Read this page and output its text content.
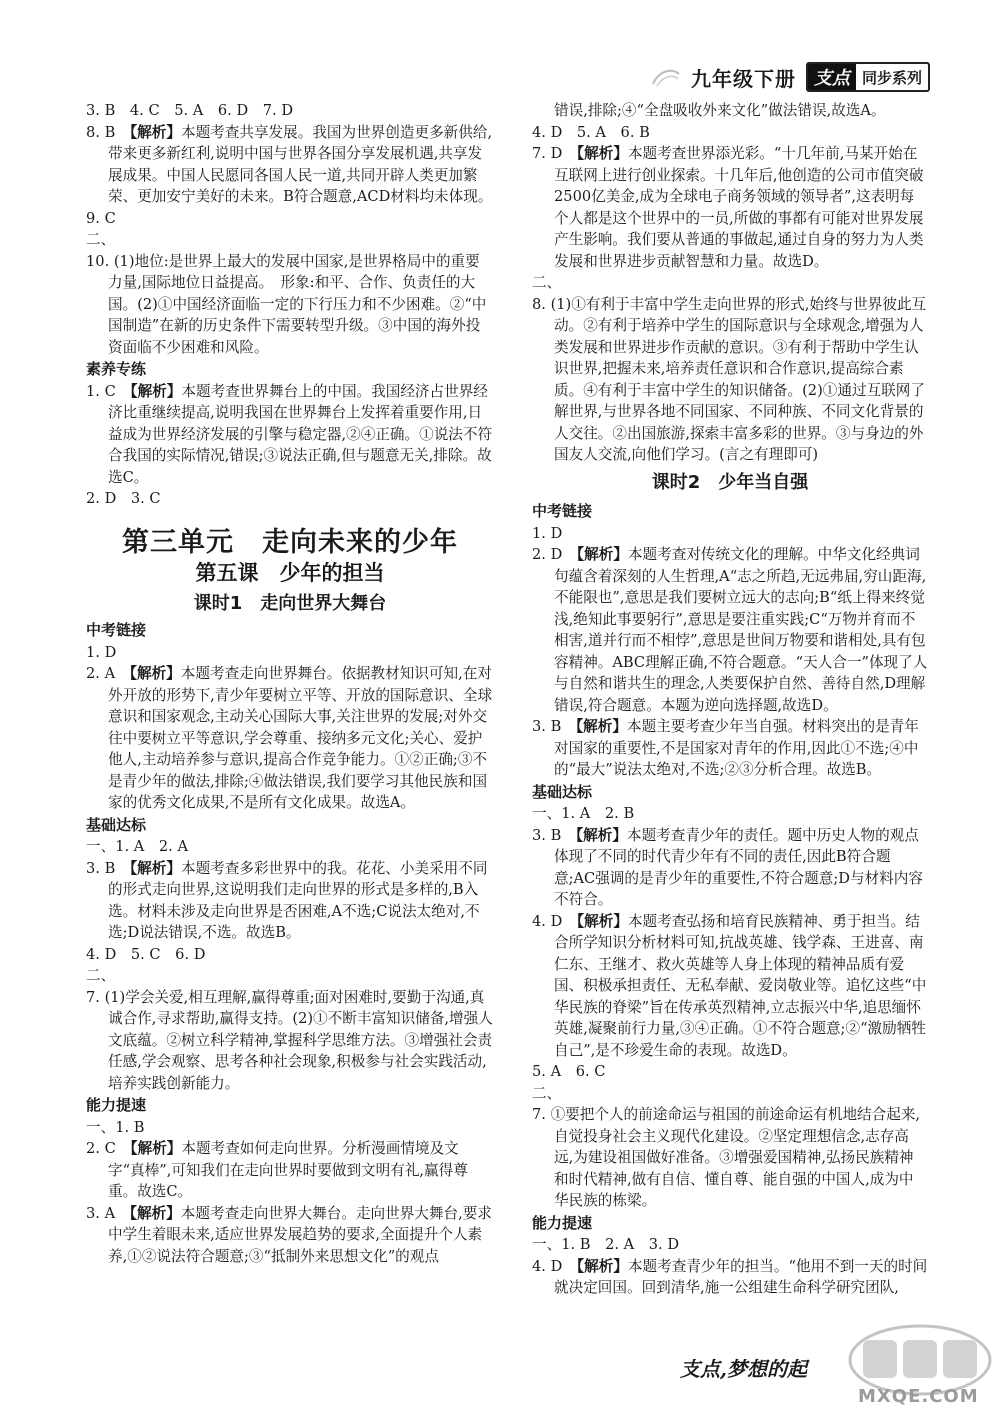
九年级下册	支点 同步系列

3. B　4. C　5. A　6. D　7. D

8. B　【解析】本题考查共享发展。我国为世界创造更多新供给,带来更多新红利,说明中国与世界各国分享发展机遇,共享发展成果。中国人民愿同各国人民一道,共同开辟人类更加繁荣、更加安宁美好的未来。B符合题意,ACD材料均未体现。

9. C

二、

10. (1)地位:是世界上最大的发展中国家,是世界格局中的重要力量,国际地位日益提高。　形象:和平、合作、负责任的大国。(2)①中国经济面临一定的下行压力和不少困难。②“中国制造”在新的历史条件下需要转型升级。③中国的海外投资面临不少困难和风险。

素养专练

1. C　【解析】本题考查世界舞台上的中国。我国经济占世界经济比重继续提高,说明我国在世界舞台上发挥着重要作用,日益成为世界经济发展的引擎与稳定器,②④正确。①说法不符合我国的实际情况,错误;③说法正确,但与题意无关,排除。故选C。

2. D　3. C

第三单元　走向未来的少年
第五课　少年的担当
课时1　走向世界大舞台

中考链接

1. D

2. A　【解析】本题考查走向世界舞台。依据教材知识可知,在对外开放的形势下,青少年要树立平等、开放的国际意识、全球意识和国家观念,主动关心国际大事,关注世界的发展;对外交往中要树立平等意识,学会尊重、接纳多元文化;关心、爱护他人,主动培养参与意识,提高合作竞争能力。①②正确;③不是青少年的做法,排除;④做法错误,我们要学习其他民族和国家的优秀文化成果,不是所有文化成果。故选A。

基础达标

一、1. A　2. A

3. B　【解析】本题考查多彩世界中的我。花花、小美采用不同的形式走向世界,这说明我们走向世界的形式是多样的,B入选。材料未涉及走向世界是否困难,A不选;C说法太绝对,不选;D说法错误,不选。故选B。

4. D　5. C　6. D

二、

7. (1)学会关爱,相互理解,赢得尊重;面对困难时,要勤于沟通,真诚合作,寻求帮助,赢得支持。(2)①不断丰富知识储备,增强人文底蕴。②树立科学精神,掌握科学思维方法。③增强社会责任感,学会观察、思考各种社会现象,积极参与社会实践活动,培养实践创新能力。

能力提速

一、1. B

2. C　【解析】本题考查如何走向世界。分析漫画情境及文字“真棒”,可知我们在走向世界时要做到文明有礼,赢得尊重。故选C。

3. A　【解析】本题考查走向世界大舞台。走向世界大舞台,要求中学生着眼未来,适应世界发展趋势的要求,全面提升个人素养,①②说法符合题意;③“抵制外来思想文化”的观点

错误,排除;④“全盘吸收外来文化”做法错误,故选A。

4. D　5. A　6. B

7. D　【解析】本题考查世界添光彩。“十几年前,马某开始在互联网上进行创业探索。十几年后,他创造的公司市值突破2500亿美金,成为全球电子商务领域的领导者”,这表明每个人都是这个世界中的一员,所做的事都有可能对世界发展产生影响。我们要从普通的事做起,通过自身的努力为人类发展和世界进步贡献智慧和力量。故选D。

二、

8. (1)①有利于丰富中学生走向世界的形式,始终与世界彼此互动。②有利于培养中学生的国际意识与全球观念,增强为人类发展和世界进步作贡献的意识。③有利于帮助中学生认识世界,把握未来,培养责任意识和合作意识,提高综合素质。④有利于丰富中学生的知识储备。(2)①通过互联网了解世界,与世界各地不同国家、不同种族、不同文化背景的人交往。②出国旅游,探索丰富多彩的世界。③与身边的外国友人交流,向他们学习。(言之有理即可)

课时2　少年当自强

中考链接

1. D

2. D　【解析】本题考查对传统文化的理解。中华文化经典词句蕴含着深刻的人生哲理,A“志之所趋,无远弗届,穷山距海,不能限也”,意思是我们要树立远大的志向;B“纸上得来终觉浅,绝知此事要躬行”,意思是要注重实践;C“万物并育而不相害,道并行而不相悖”,意思是世间万物要和谐相处,具有包容精神。ABC理解正确,不符合题意。“天人合一”体现了人与自然和谐共生的理念,人类要保护自然、善待自然,D理解错误,符合题意。本题为逆向选择题,故选D。

3. B　【解析】本题主要考查少年当自强。材料突出的是青年对国家的重要性,不是国家对青年的作用,因此①不选;④中的“最大”说法太绝对,不选;②③分析合理。故选B。

基础达标

一、1. A　2. B

3. B　【解析】本题考查青少年的责任。题中历史人物的观点体现了不同的时代青少年有不同的责任,因此B符合题意;AC强调的是青少年的重要性,不符合题意;D与材料内容不符合。

4. D　【解析】本题考查弘扬和培育民族精神、勇于担当。结合所学知识分析材料可知,抗战英雄、钱学森、王进喜、南仁东、王继才、救火英雄等人身上体现的精神品质有爱国、积极承担责任、无私奉献、爱岗敬业等。追忆这些“中华民族的脊梁”旨在传承英烈精神,立志振兴中华,追思缅怀英雄,凝聚前行力量,③④正确。①不符合题意;②“激励牺牲自己”,是不珍爱生命的表现。故选D。

5. A　6. C

二、

7. ①要把个人的前途命运与祖国的前途命运有机地结合起来,自觉投身社会主义现代化建设。②坚定理想信念,志存高远,为建设祖国做好准备。③增强爱国精神,弘扬民族精神和时代精神,做有自信、懂自尊、能自强的中国人,成为中华民族的栋梁。

能力提速

一、1. B　2. A　3. D

4. D　【解析】本题考查青少年的担当。“他用不到一天的时间就决定回国。回到清华,施一公组建生命科学研究团队,

支点,梦想的起
MXQE.COM
